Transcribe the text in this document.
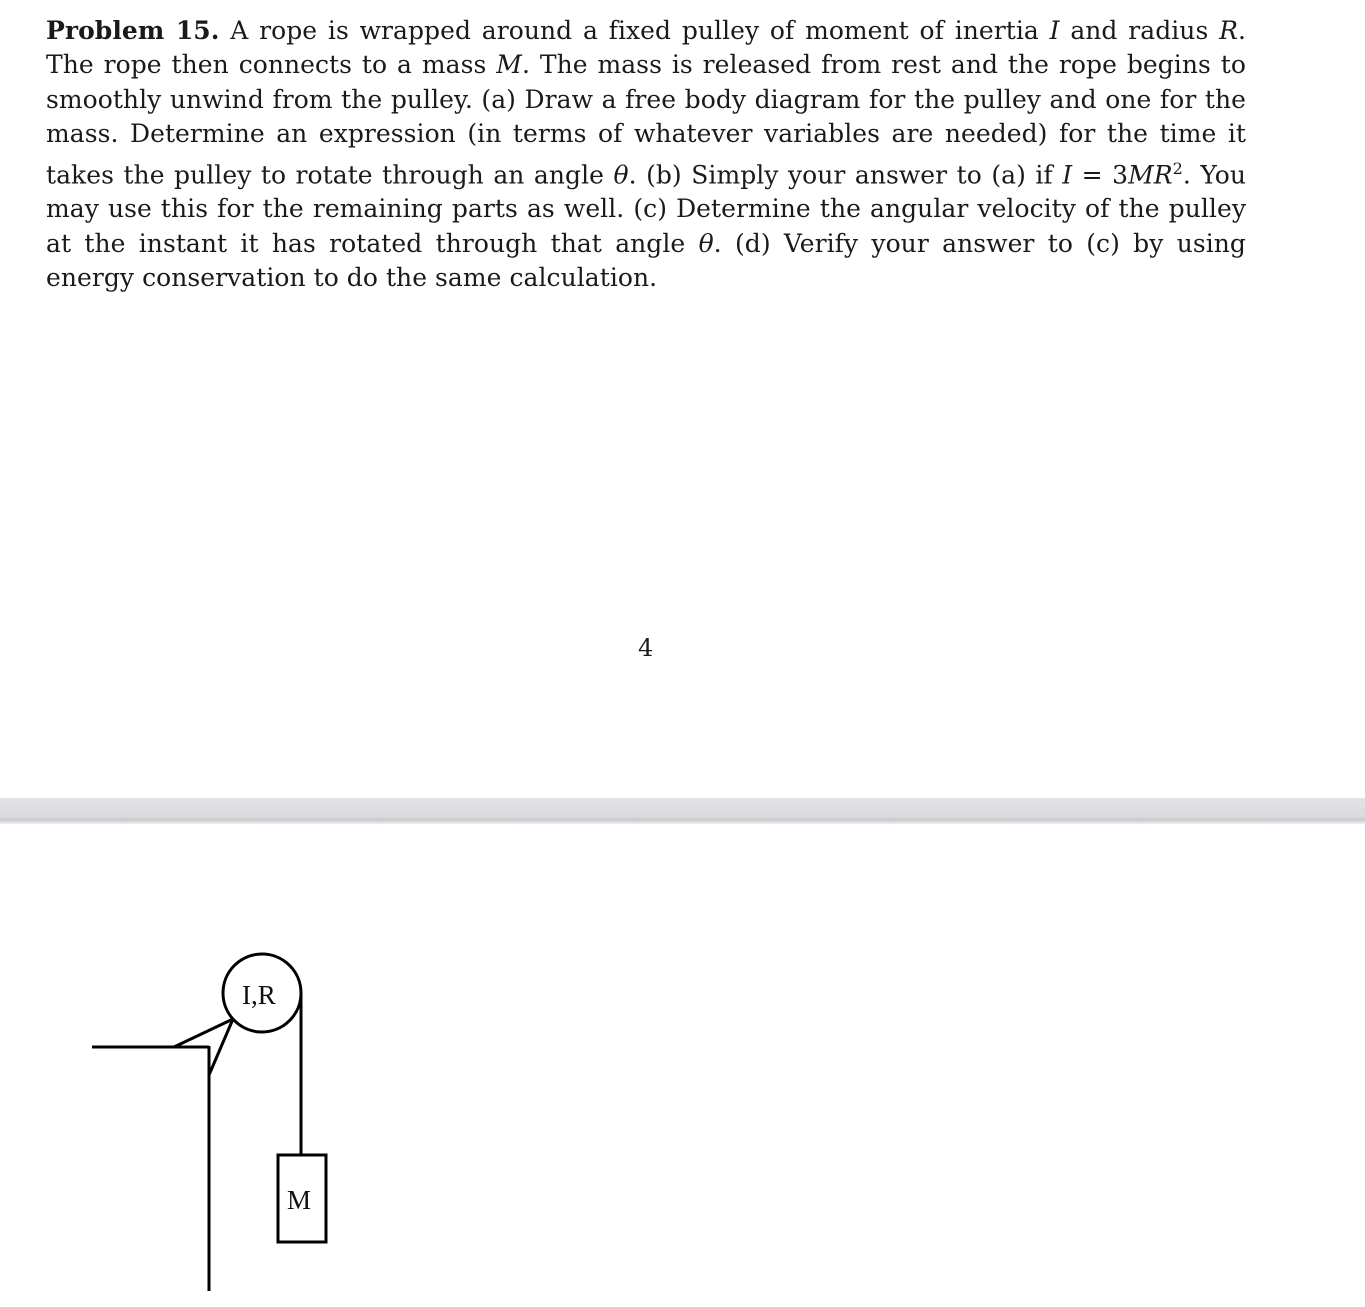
Problem 15. A rope is wrapped around a fixed pulley of moment of inertia I and radius R. The rope then connects to a mass M. The mass is released from rest and the rope begins to smoothly unwind from the pulley. (a) Draw a free body diagram for the pulley and one for the mass. Determine an expression (in terms of whatever variables are needed) for the time it takes the pulley to rotate through an angle θ. (b) Simply your answer to (a) if $I = 3MR^2$. You may use this for the remaining parts as well. (c) Determine the angular velocity of the pulley at the instant it has rotated through that angle θ. (d) Verify your answer to (c) by using energy conservation to do the same calculation.

4
I,R
M
